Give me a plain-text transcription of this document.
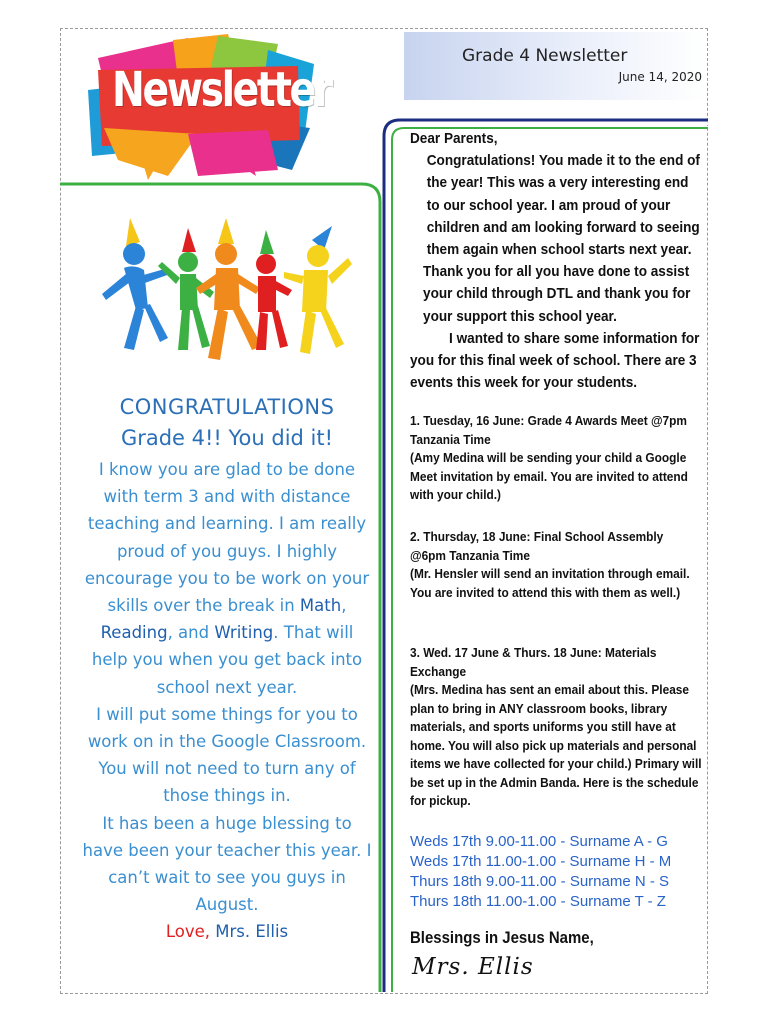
Newsletter
Grade 4 Newsletter
June 14, 2020
CONGRATULATIONS
Grade 4!! You did it!
I know you are glad to be done with term 3 and with distance teaching and learning. I am really proud of you guys. I highly encourage you to be work on your skills over the break in Math, Reading, and Writing. That will help you when you get back into school next year.
I will put some things for you to work on in the Google Classroom. You will not need to turn any of those things in.
It has been a huge blessing to have been your teacher this year. I can’t wait to see you guys in August.
Love, Mrs. Ellis

Dear Parents,

Congratulations! You made it to the end of the year! This was a very interesting end to our school year. I am proud of your children and am looking forward to seeing them again when school starts next year.

Thank you for all you have done to assist your child through DTL and thank you for your support this school year.

I wanted to share some information for you for this final week of school. There are 3 events this week for your students.

1. Tuesday, 16 June: Grade 4 Awards Meet @7pm Tanzania Time

(Amy Medina will be sending your child a Google Meet invitation by email. You are invited to attend with your child.)

2. Thursday, 18 June: Final School Assembly @6pm Tanzania Time

(Mr. Hensler will send an invitation through email. You are invited to attend this with them as well.)

3. Wed. 17 June & Thurs. 18 June: Materials Exchange

(Mrs. Medina has sent an email about this. Please plan to bring in ANY classroom books, library materials, and sports uniforms you still have at home. You will also pick up materials and personal items we have collected for your child.) Primary will be set up in the Admin Banda. Here is the schedule for pickup.

Weds 17th 9.00-11.00 - Surname A - G
Weds 17th 11.00-1.00 - Surname H - M
Thurs 18th 9.00-11.00 - Surname N - S
Thurs 18th 11.00-1.00 - Surname T - Z
Blessings in Jesus Name,
Mrs. Ellis
